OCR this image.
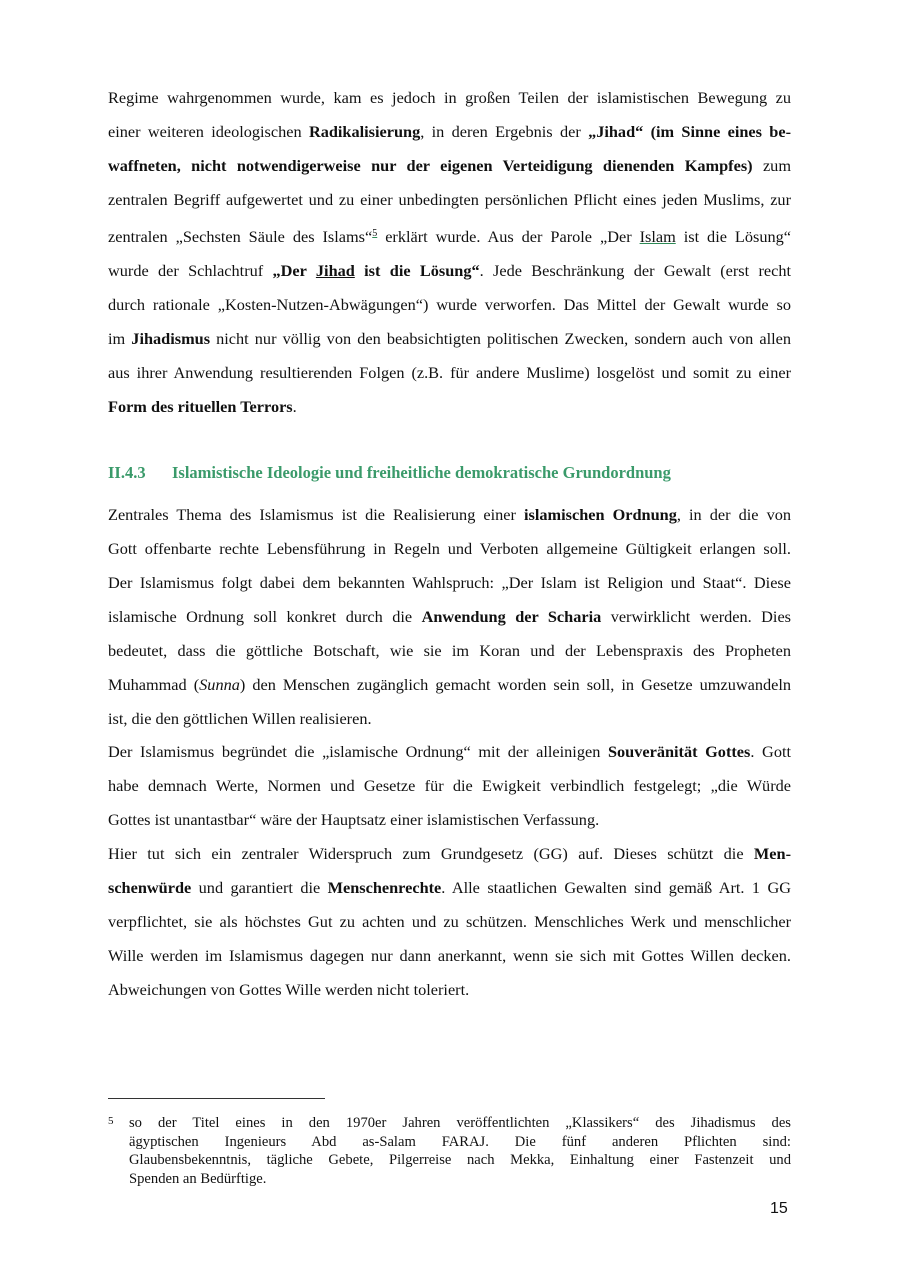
Regime wahrgenommen wurde, kam es jedoch in großen Teilen der islamistischen Bewegung zu
einer weiteren ideologischen Radikalisierung, in deren Ergebnis der „Jihad“ (im Sinne eines be-
waffneten, nicht notwendigerweise nur der eigenen Verteidigung dienenden Kampfes) zum
zentralen Begriff aufgewertet und zu einer unbedingten persönlichen Pflicht eines jeden Muslims, zur
zentralen „Sechsten Säule des Islams“$^5$ erklärt wurde. Aus der Parole „Der Islam ist die Lösung“
wurde der Schlachtruf „Der Jihad ist die Lösung“. Jede Beschränkung der Gewalt (erst recht
durch rationale „Kosten-Nutzen-Abwägungen“) wurde verworfen. Das Mittel der Gewalt wurde so
im Jihadismus nicht nur völlig von den beabsichtigten politischen Zwecken, sondern auch von allen
aus ihrer Anwendung resultierenden Folgen (z.B. für andere Muslime) losgelöst und somit zu einer
Form des rituellen Terrors.
II.4.3 Islamistische Ideologie und freiheitliche demokratische Grundordnung
Zentrales Thema des Islamismus ist die Realisierung einer islamischen Ordnung, in der die von
Gott offenbarte rechte Lebensführung in Regeln und Verboten allgemeine Gültigkeit erlangen soll.
Der Islamismus folgt dabei dem bekannten Wahlspruch: „Der Islam ist Religion und Staat“. Diese
islamische Ordnung soll konkret durch die Anwendung der Scharia verwirklicht werden. Dies
bedeutet, dass die göttliche Botschaft, wie sie im Koran und der Lebenspraxis des Propheten
Muhammad (Sunna) den Menschen zugänglich gemacht worden sein soll, in Gesetze umzuwandeln
ist, die den göttlichen Willen realisieren.
Der Islamismus begründet die „islamische Ordnung“ mit der alleinigen Souveränität Gottes. Gott
habe demnach Werte, Normen und Gesetze für die Ewigkeit verbindlich festgelegt; „die Würde
Gottes ist unantastbar“ wäre der Hauptsatz einer islamistischen Verfassung.
Hier tut sich ein zentraler Widerspruch zum Grundgesetz (GG) auf. Dieses schützt die Men-
schenwürde und garantiert die Menschenrechte. Alle staatlichen Gewalten sind gemäß Art. 1 GG
verpflichtet, sie als höchstes Gut zu achten und zu schützen. Menschliches Werk und menschlicher
Wille werden im Islamismus dagegen nur dann anerkannt, wenn sie sich mit Gottes Willen decken.
Abweichungen von Gottes Wille werden nicht toleriert.
5 so der Titel eines in den 1970er Jahren veröffentlichten „Klassikers“ des Jihadismus des
ägyptischen Ingenieurs Abd as-Salam FARAJ. Die fünf anderen Pflichten sind:
Glaubensbekenntnis, tägliche Gebete, Pilgerreise nach Mekka, Einhaltung einer Fastenzeit und
Spenden an Bedürftige.
15
